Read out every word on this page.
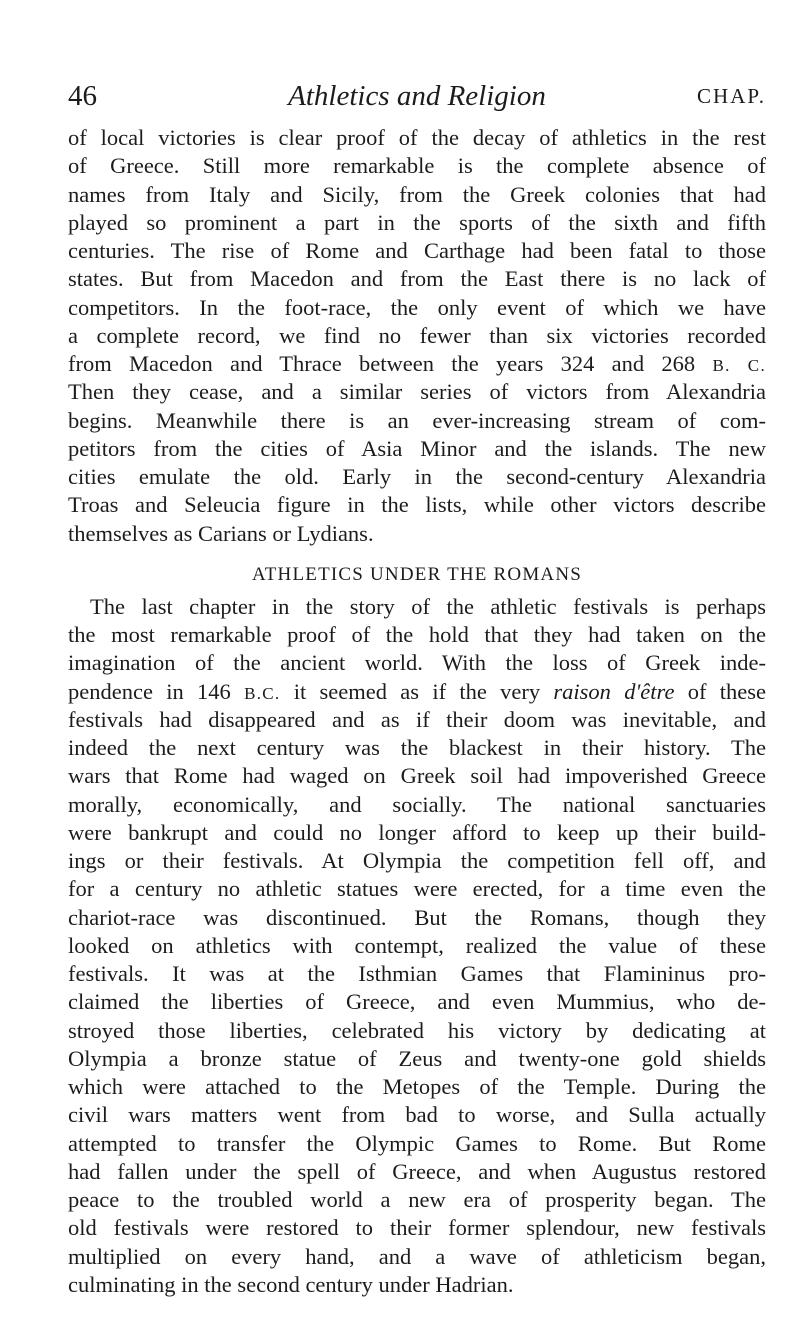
46	Athletics and Religion	CHAP.
of local victories is clear proof of the decay of athletics in the rest
of Greece. Still more remarkable is the complete absence of
names from Italy and Sicily, from the Greek colonies that had
played so prominent a part in the sports of the sixth and fifth
centuries. The rise of Rome and Carthage had been fatal to those
states. But from Macedon and from the East there is no lack of
competitors. In the foot-race, the only event of which we have
a complete record, we find no fewer than six victories recorded
from Macedon and Thrace between the years 324 and 268 B. C.
Then they cease, and a similar series of victors from Alexandria
begins. Meanwhile there is an ever-increasing stream of com-
petitors from the cities of Asia Minor and the islands. The new
cities emulate the old. Early in the second-century Alexandria
Troas and Seleucia figure in the lists, while other victors describe
themselves as Carians or Lydians.
ATHLETICS UNDER THE ROMANS
The last chapter in the story of the athletic festivals is perhaps
the most remarkable proof of the hold that they had taken on the
imagination of the ancient world. With the loss of Greek inde-
pendence in 146 B.C. it seemed as if the very raison d'être of these
festivals had disappeared and as if their doom was inevitable, and
indeed the next century was the blackest in their history. The
wars that Rome had waged on Greek soil had impoverished Greece
morally, economically, and socially. The national sanctuaries
were bankrupt and could no longer afford to keep up their build-
ings or their festivals. At Olympia the competition fell off, and
for a century no athletic statues were erected, for a time even the
chariot-race was discontinued. But the Romans, though they
looked on athletics with contempt, realized the value of these
festivals. It was at the Isthmian Games that Flamininus pro-
claimed the liberties of Greece, and even Mummius, who de-
stroyed those liberties, celebrated his victory by dedicating at
Olympia a bronze statue of Zeus and twenty-one gold shields
which were attached to the Metopes of the Temple. During the
civil wars matters went from bad to worse, and Sulla actually
attempted to transfer the Olympic Games to Rome. But Rome
had fallen under the spell of Greece, and when Augustus restored
peace to the troubled world a new era of prosperity began. The
old festivals were restored to their former splendour, new festivals
multiplied on every hand, and a wave of athleticism began,
culminating in the second century under Hadrian.
